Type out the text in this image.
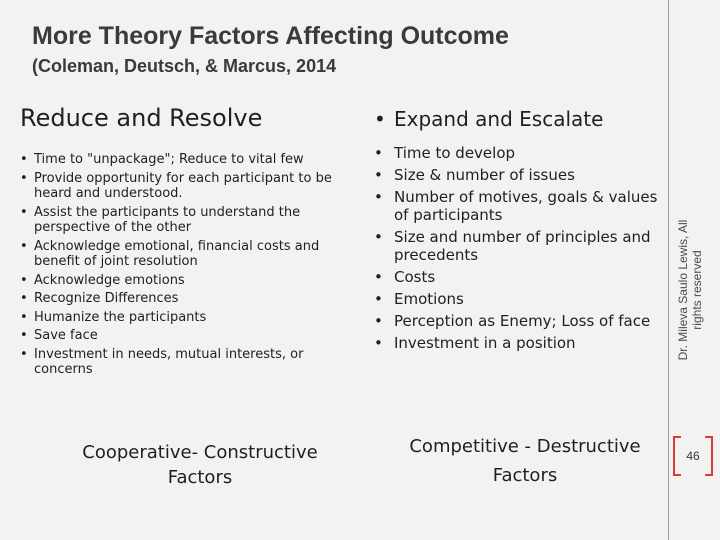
More Theory Factors Affecting Outcome
(Coleman, Deutsch, & Marcus, 2014
Reduce and Resolve
• Time to "unpackage"; Reduce to vital few
• Provide opportunity for each participant to be heard and understood.
• Assist the participants to understand the perspective of the other
• Acknowledge emotional, financial costs and benefit of joint resolution
• Acknowledge emotions
• Recognize Differences
• Humanize the participants
• Save face
• Investment in needs, mutual interests, or concerns
• Expand and Escalate
• Time to develop
• Size & number of issues
• Number of motives, goals & values of participants
• Size and number of principles and precedents
• Costs
• Emotions
• Perception as Enemy; Loss of face
• Investment in a position
Cooperative- Constructive
Factors
Competitive - Destructive
Factors
Dr. Mileva Saulo Lewis, All rights reserved
46
